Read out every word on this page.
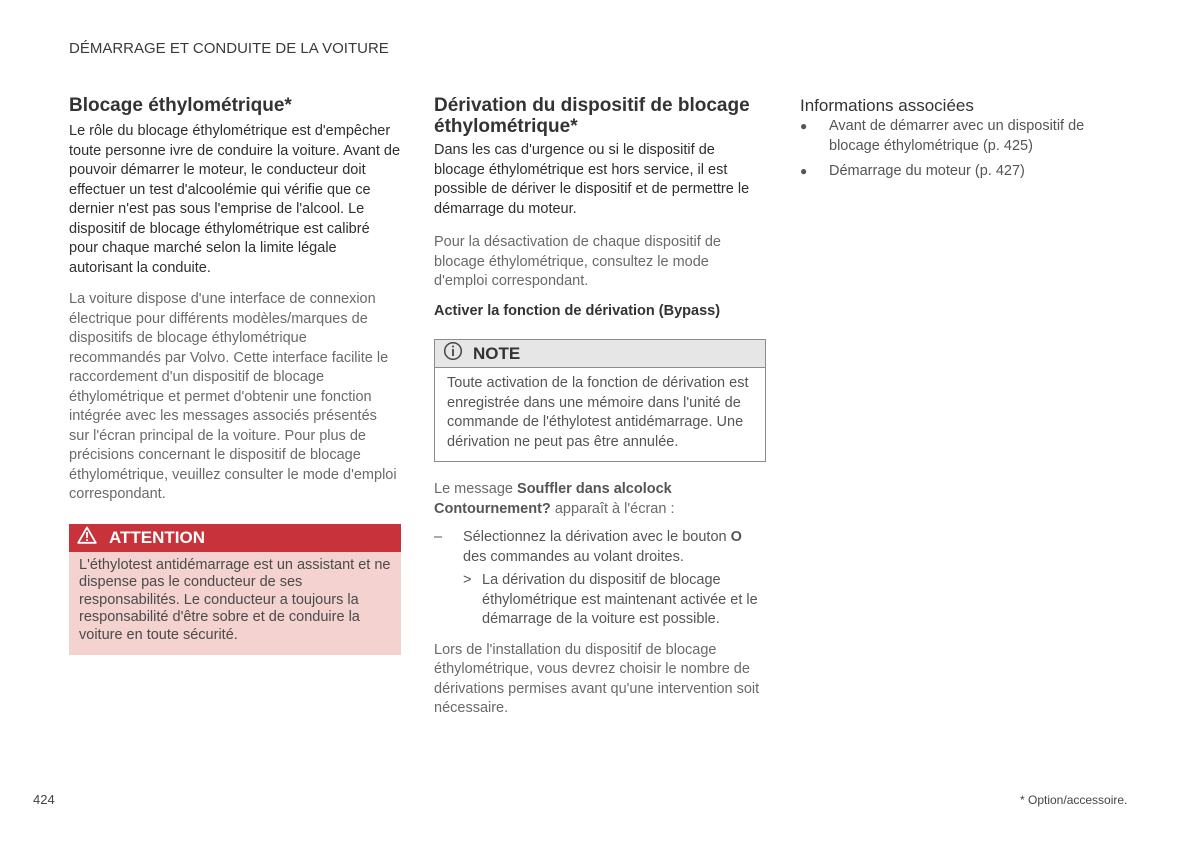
DÉMARRAGE ET CONDUITE DE LA VOITURE
Blocage éthylométrique*

Le rôle du blocage éthylométrique est d'empêcher toute personne ivre de conduire la voiture. Avant de pouvoir démarrer le moteur, le conducteur doit effectuer un test d'alcoolémie qui vérifie que ce dernier n'est pas sous l'emprise de l'alcool. Le dispositif de blocage éthylométrique est calibré pour chaque marché selon la limite légale autorisant la conduite.

La voiture dispose d'une interface de connexion électrique pour différents modèles/marques de dispositifs de blocage éthylométrique recommandés par Volvo. Cette interface facilite le raccordement d'un dispositif de blocage éthylométrique et permet d'obtenir une fonction intégrée avec les messages associés présentés sur l'écran principal de la voiture. Pour plus de précisions concernant le dispositif de blocage éthylométrique, veuillez consulter le mode d'emploi correspondant.

ATTENTION
L'éthylotest antidémarrage est un assistant et ne dispense pas le conducteur de ses responsabilités. Le conducteur a toujours la responsabilité d'être sobre et de conduire la voiture en toute sécurité.
Dérivation du dispositif de blocage éthylométrique*

Dans les cas d'urgence ou si le dispositif de blocage éthylométrique est hors service, il est possible de dériver le dispositif et de permettre le démarrage du moteur.

Pour la désactivation de chaque dispositif de blocage éthylométrique, consultez le mode d'emploi correspondant.

Activer la fonction de dérivation (Bypass)

NOTE
Toute activation de la fonction de dérivation est enregistrée dans une mémoire dans l'unité de commande de l'éthylotest antidémarrage. Une dérivation ne peut pas être annulée.

Le message Souffler dans alcolock Contournement? apparaît à l'écran :

–	Sélectionnez la dérivation avec le bouton O des commandes au volant droites.
> La dérivation du dispositif de blocage éthylométrique est maintenant activée et le démarrage de la voiture est possible.

Lors de l'installation du dispositif de blocage éthylométrique, vous devrez choisir le nombre de dérivations permises avant qu'une intervention soit nécessaire.

Informations associées
●	Avant de démarrer avec un dispositif de blocage éthylométrique (p. 425)
●	Démarrage du moteur (p. 427)
424	* Option/accessoire.
